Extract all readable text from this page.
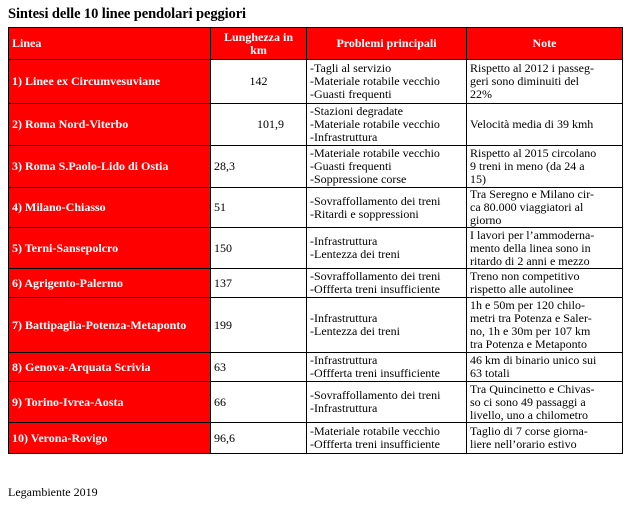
Sintesi delle 10 linee pendolari peggiori
Linea	Lunghezza in
km	Problemi principali	Note
1) Linee ex Circumvesuviane	142	-Tagli al servizio
-Materiale rotabile vecchio
-Guasti frequenti	Rispetto al 2012 i passeg-
geri sono diminuiti del
22%

2) Roma Nord-Viterbo	101,9	-Stazioni degradate
-Materiale rotabile vecchio
-Infrastruttura	Velocità media di 39 kmh

3) Roma S.Paolo-Lido di Ostia	28,3	-Materiale rotabile vecchio
-Guasti frequenti
-Soppressione corse	Rispetto al 2015 circolano
9 treni in meno (da 24 a
15)

4) Milano-Chiasso	51	-Sovraffollamento dei treni
-Ritardi e soppressioni	Tra Seregno e Milano cir-
ca 80.000 viaggiatori al
giorno

5) Terni-Sansepolcro	150	-Infrastruttura
-Lentezza dei treni	I lavori per l’ammoderna-
mento della linea sono in
ritardo di 2 anni e mezzo

6) Agrigento-Palermo	137	-Sovraffollamento dei treni
-Offferta treni insufficiente	Treno non competitivo
rispetto alle autolinee

7) Battipaglia-Potenza-Metaponto	199	-Infrastruttura
-Lentezza dei treni	1h e 50m per 120 chilo-
metri tra Potenza e Saler-
no, 1h e 30m per 107 km
tra Potenza e Metaponto

8) Genova-Arquata Scrivia	63	-Infrastruttura
-Offferta treni insufficiente	46 km di binario unico sui
63 totali

9) Torino-Ivrea-Aosta	66	-Sovraffollamento dei treni
-Infrastruttura	Tra Quincinetto e Chivas-
so ci sono 49 passaggi a
livello, uno a chilometro

10) Verona-Rovigo	96,6	-Materiale rotabile vecchio
-Offferta treni insufficiente	Taglio di 7 corse giorna-
liere nell’orario estivo
Legambiente 2019
